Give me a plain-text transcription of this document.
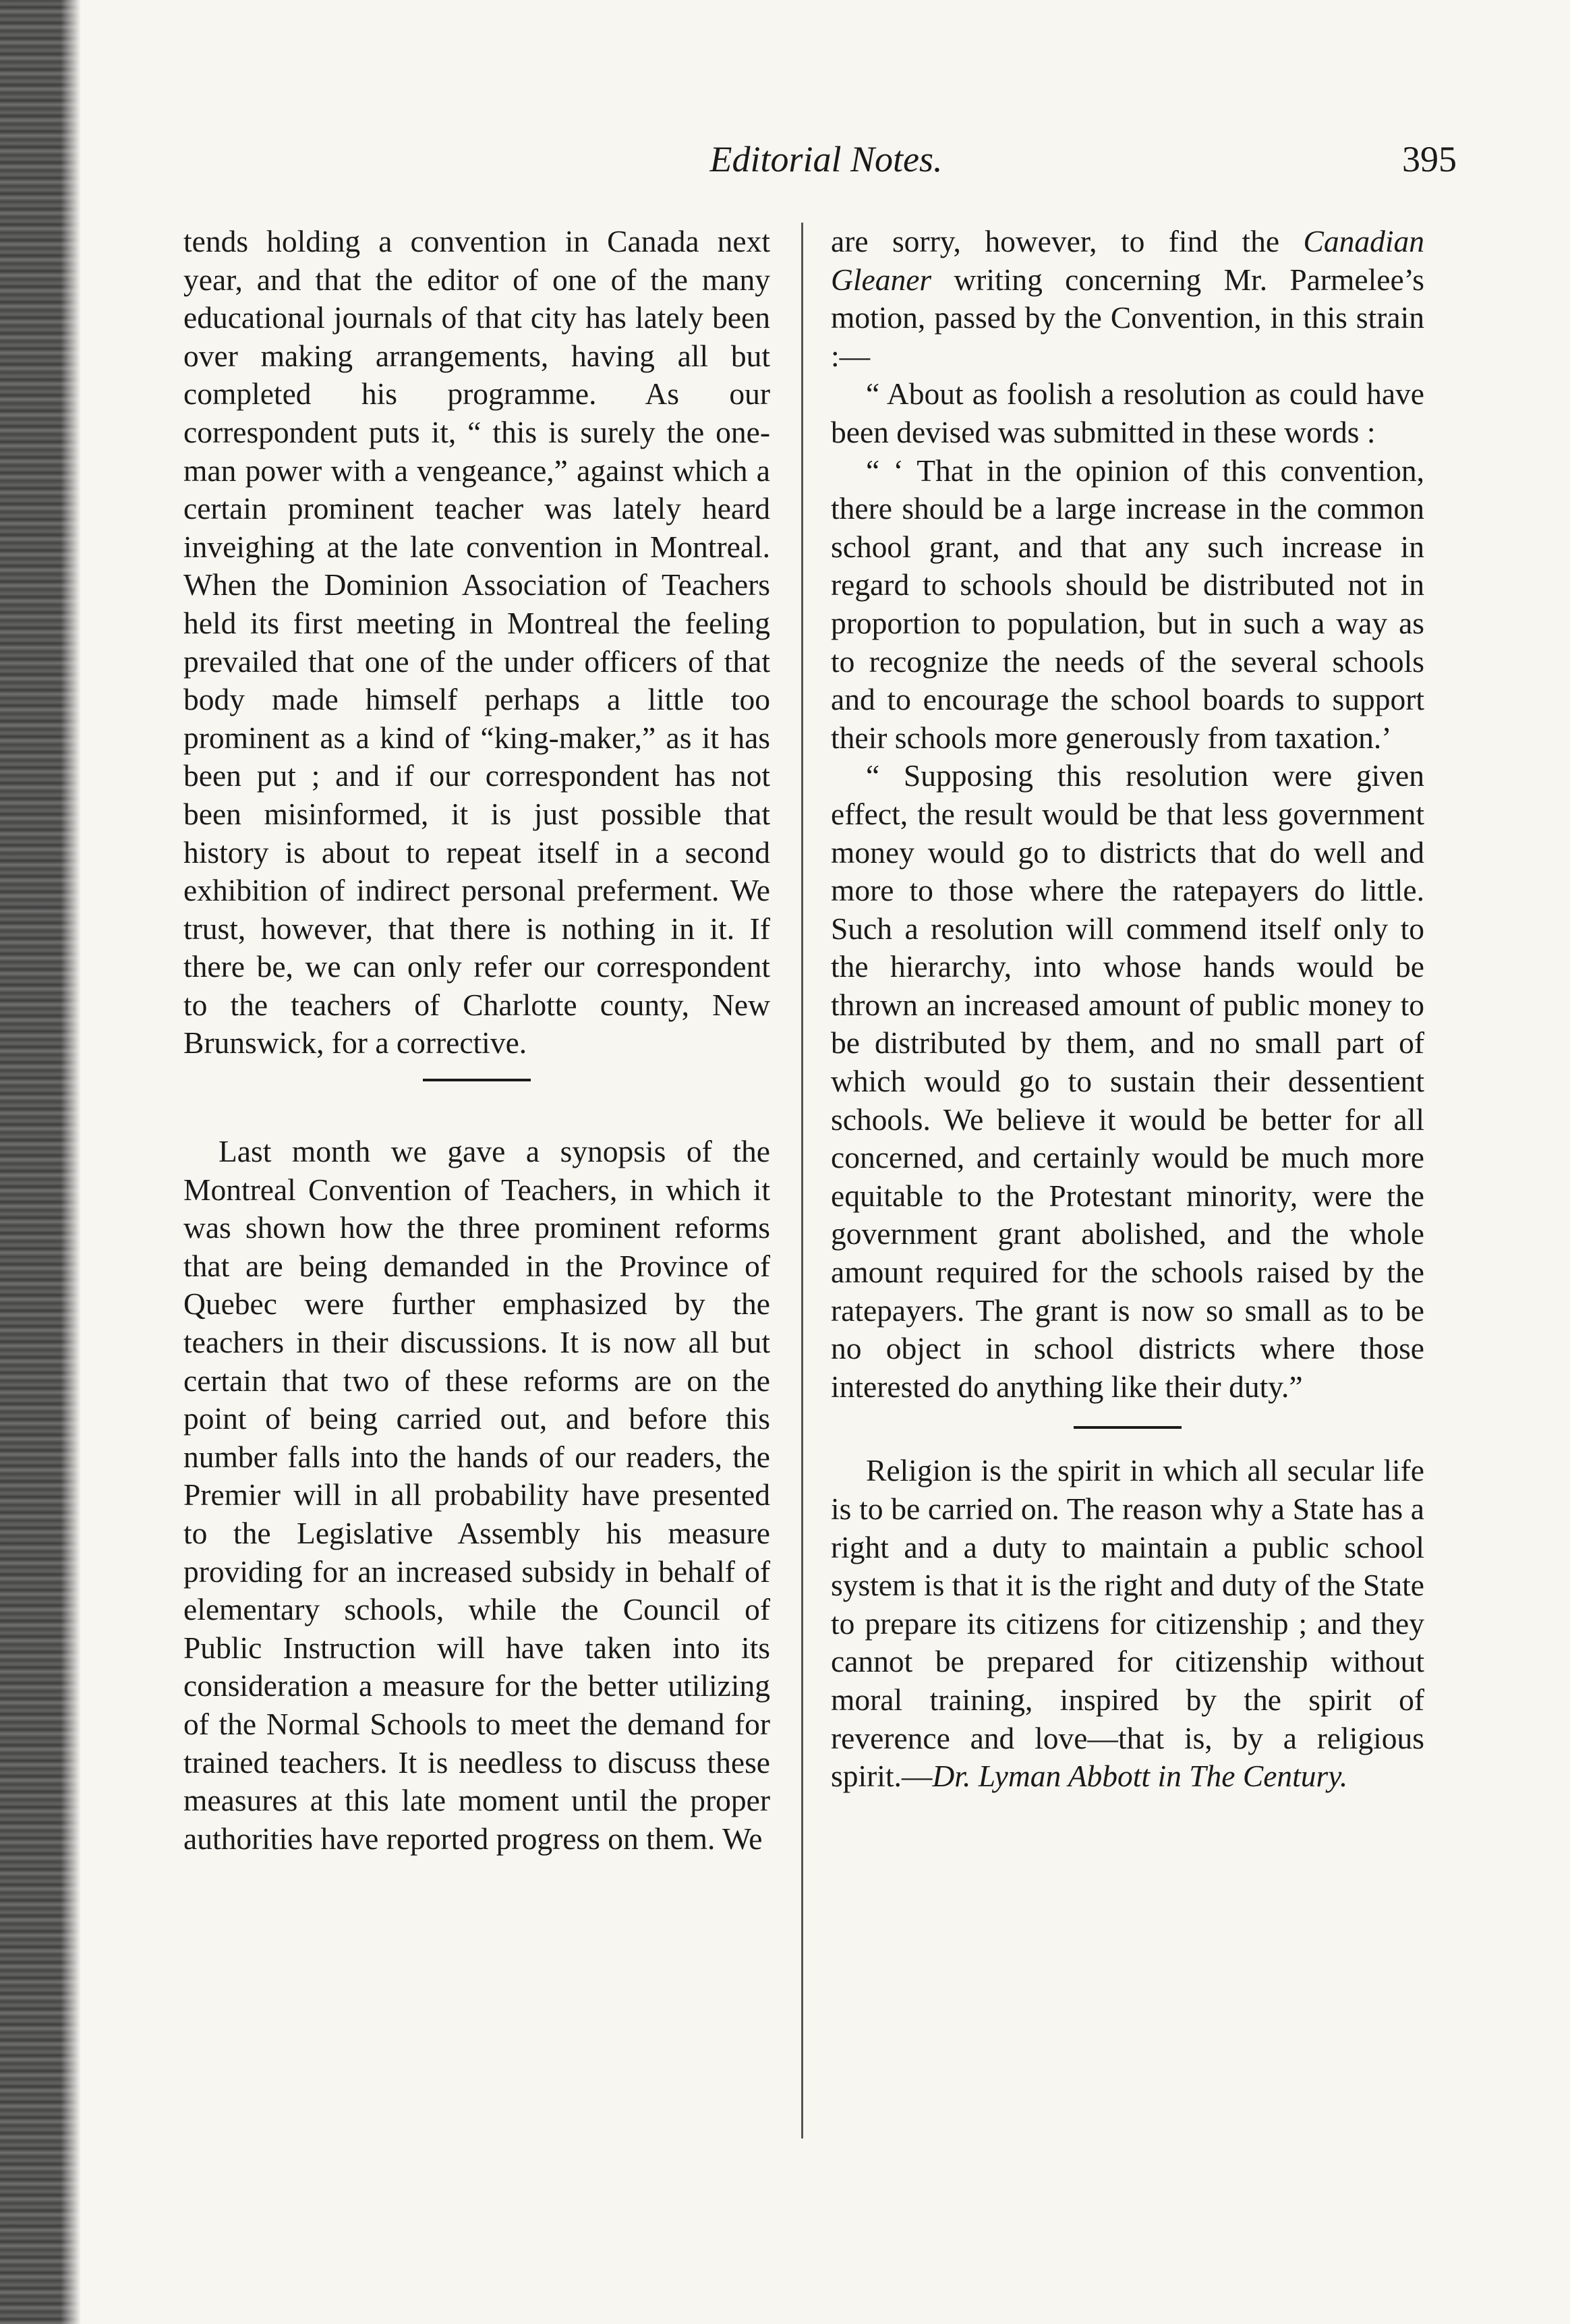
Editorial Notes.	395

tends holding a convention in Canada next year, and that the editor of one of the many educational journals of that city has lately been over making arrangements, having all but completed his programme. As our correspondent puts it, “ this is surely the one-man power with a vengeance,” against which a certain prominent teacher was lately heard inveighing at the late convention in Montreal. When the Dominion Association of Teachers held its first meeting in Montreal the feeling prevailed that one of the under officers of that body made himself perhaps a little too prominent as a kind of “king-maker,” as it has been put ; and if our correspondent has not been misinformed, it is just possible that history is about to repeat itself in a second exhibition of indirect personal preferment. We trust, however, that there is nothing in it. If there be, we can only refer our correspondent to the teachers of Charlotte county, New Brunswick, for a corrective.

Last month we gave a synopsis of the Montreal Convention of Teachers, in which it was shown how the three prominent reforms that are being demanded in the Province of Quebec were further emphasized by the teachers in their discussions. It is now all but certain that two of these reforms are on the point of being carried out, and before this number falls into the hands of our readers, the Premier will in all probability have presented to the Legislative Assembly his measure providing for an increased subsidy in behalf of elementary schools, while the Council of Public Instruction will have taken into its consideration a measure for the better utilizing of the Normal Schools to meet the demand for trained teachers. It is needless to discuss these measures at this late moment until the proper authorities have reported progress on them. We

are sorry, however, to find the Canadian Gleaner writing concerning Mr. Parmelee’s motion, passed by the Convention, in this strain :—

“ About as foolish a resolution as could have been devised was submitted in these words :

“ ‘ That in the opinion of this convention, there should be a large increase in the common school grant, and that any such increase in regard to schools should be distributed not in proportion to population, but in such a way as to recognize the needs of the several schools and to encourage the school boards to support their schools more generously from taxation.’

“ Supposing this resolution were given effect, the result would be that less government money would go to districts that do well and more to those where the ratepayers do little. Such a resolution will commend itself only to the hierarchy, into whose hands would be thrown an increased amount of public money to be distributed by them, and no small part of which would go to sustain their dessentient schools. We believe it would be better for all concerned, and certainly would be much more equitable to the Protestant minority, were the government grant abolished, and the whole amount required for the schools raised by the ratepayers. The grant is now so small as to be no object in school districts where those interested do anything like their duty.”

Religion is the spirit in which all secular life is to be carried on. The reason why a State has a right and a duty to maintain a public school system is that it is the right and duty of the State to prepare its citizens for citizenship ; and they cannot be prepared for citizenship without moral training, inspired by the spirit of reverence and love—that is, by a religious spirit.—Dr. Lyman Abbott in The Century.
